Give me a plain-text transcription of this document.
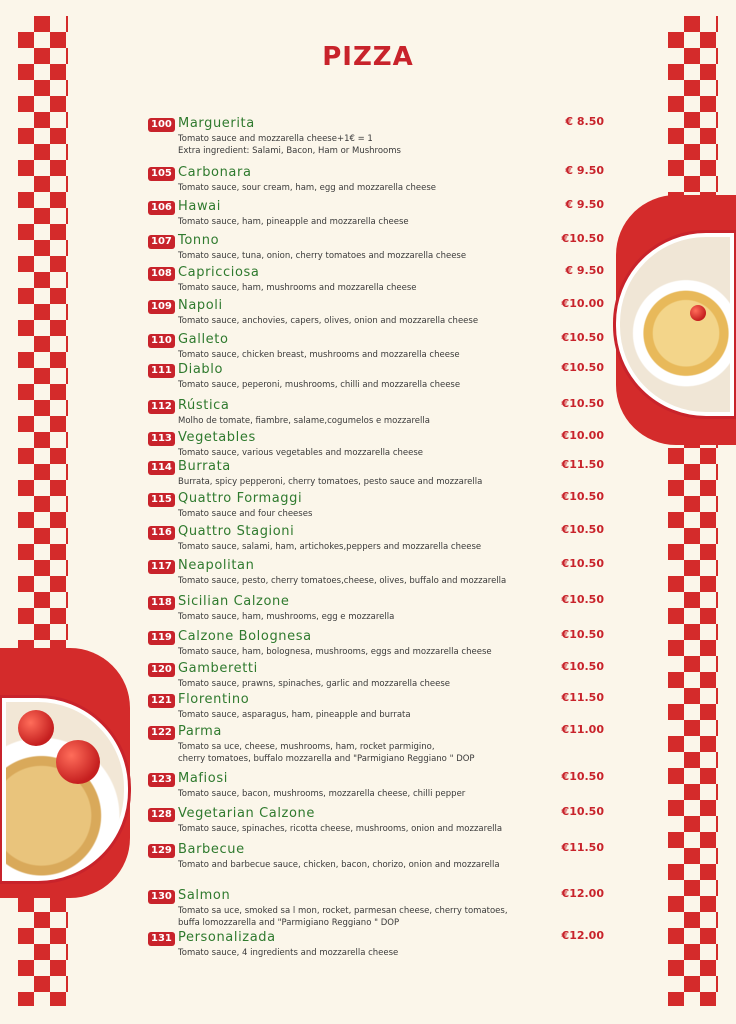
PIZZA
100 Marguerita	€ 8.50
Tomato sauce and mozzarella cheese+1€ = 1
Extra ingredient: Salami, Bacon, Ham or Mushrooms
105 Carbonara	€ 9.50
Tomato sauce, sour cream, ham, egg and mozzarella cheese
106 Hawai	€ 9.50
Tomato sauce, ham, pineapple and mozzarella cheese
107 Tonno	€10.50
Tomato sauce, tuna, onion, cherry tomatoes and mozzarella cheese
108 Capricciosa	€ 9.50
Tomato sauce, ham, mushrooms and mozzarella cheese
109 Napoli	€10.00
Tomato sauce, anchovies, capers, olives, onion and mozzarella cheese
110 Galleto	€10.50
Tomato sauce, chicken breast, mushrooms and mozzarella cheese
111 Diablo	€10.50
Tomato sauce, peperoni, mushrooms, chilli and mozzarella cheese
112 Rústica	€10.50
Molho de tomate, fiambre, salame,cogumelos e mozzarella
113 Vegetables	€10.00
Tomato sauce, various vegetables and mozzarella cheese
114 Burrata	€11.50
Burrata, spicy pepperoni, cherry tomatoes, pesto sauce and mozzarella
115 Quattro Formaggi	€10.50
Tomato sauce and four cheeses
116 Quattro Stagioni	€10.50
Tomato sauce, salami, ham, artichokes,peppers and mozzarella cheese
117 Neapolitan	€10.50
Tomato sauce, pesto, cherry tomatoes,cheese, olives, buffalo and mozzarella
118 Sicilian Calzone	€10.50
Tomato sauce, ham, mushrooms, egg e mozzarella
119 Calzone Bolognesa	€10.50
Tomato sauce, ham, bolognesa, mushrooms, eggs and mozzarella cheese
120 Gamberetti	€10.50
Tomato sauce, prawns, spinaches, garlic and mozzarella cheese
121 Florentino	€11.50
Tomato sauce, asparagus, ham, pineapple and burrata
122 Parma	€11.00
Tomato sa uce, cheese, mushrooms, ham, rocket parmigino,
cherry tomatoes, buffalo mozzarella and "Parmigiano Reggiano " DOP
123 Mafiosi	€10.50
Tomato sauce, bacon, mushrooms, mozzarella cheese, chilli pepper
128 Vegetarian Calzone	€10.50
Tomato sauce, spinaches, ricotta cheese, mushrooms, onion and mozzarella
129 Barbecue	€11.50
Tomato and barbecue sauce, chicken, bacon, chorizo, onion and mozzarella
130 Salmon	€12.00
Tomato sa uce, smoked sa l mon, rocket, parmesan cheese, cherry tomatoes,
buffa lomozzarella and "Parmigiano Reggiano " DOP
131 Personalizada	€12.00
Tomato sauce, 4 ingredients and mozzarella cheese
